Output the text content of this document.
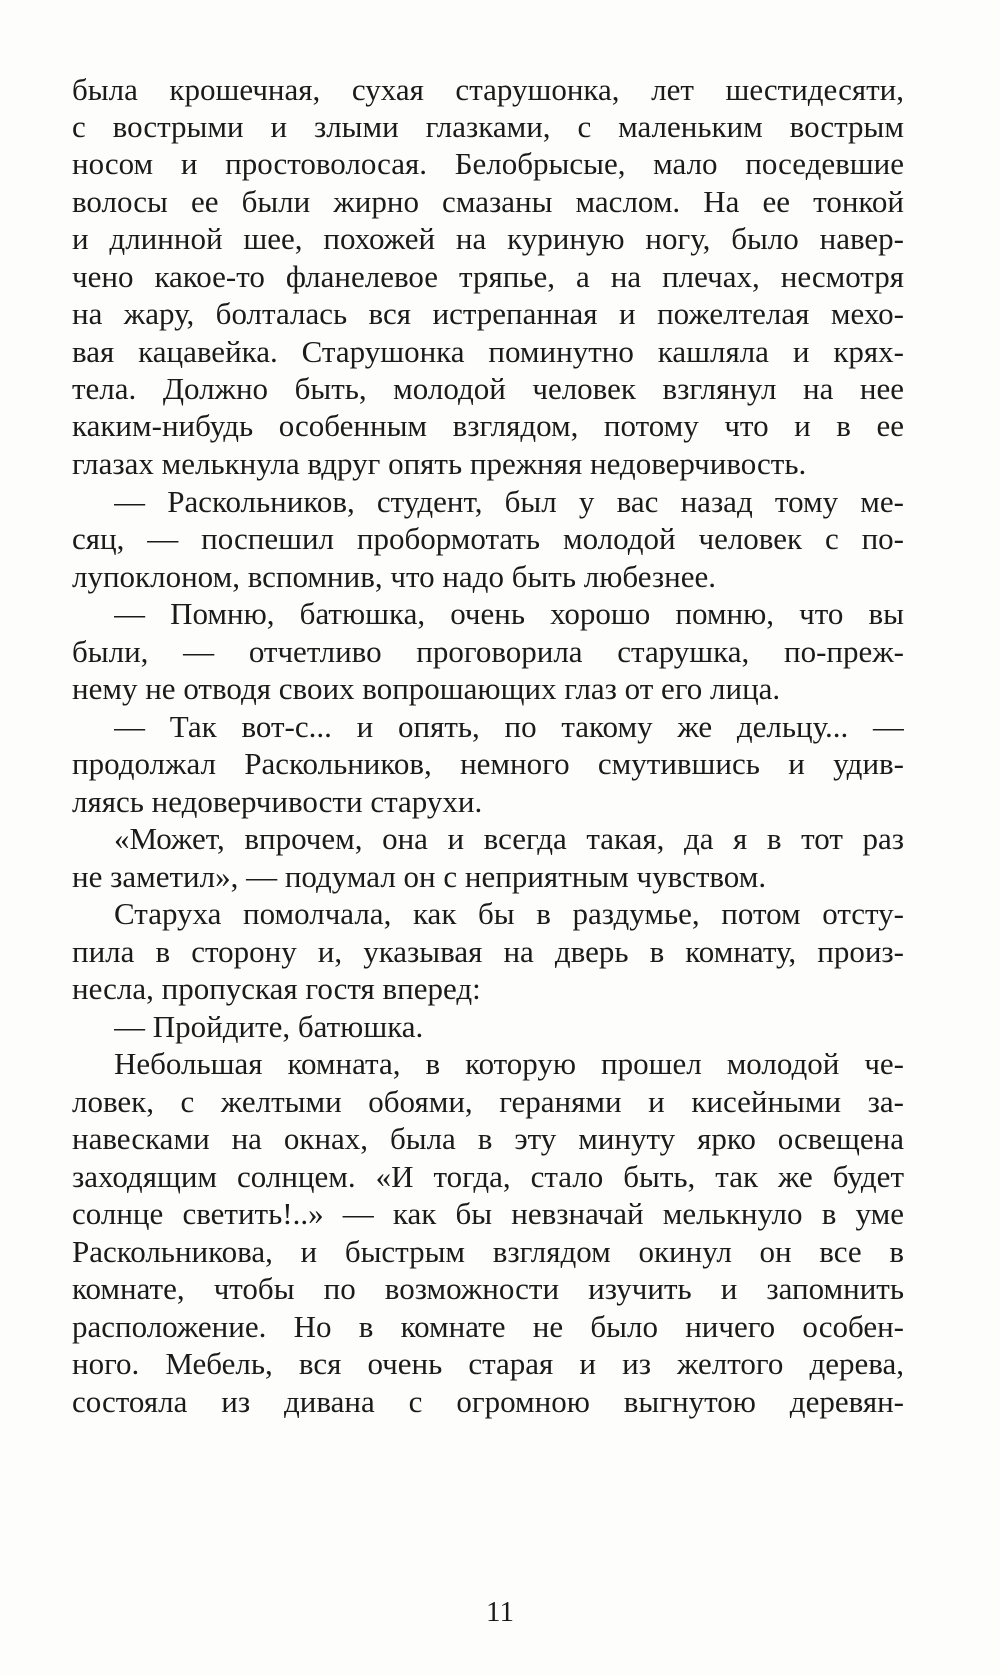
была крошечная, сухая старушонка, лет шестидесяти,
с вострыми и злыми глазками, с маленьким вострым
носом и простоволосая. Белобрысые, мало поседевшие
волосы ее были жирно смазаны маслом. На ее тонкой
и длинной шее, похожей на куриную ногу, было навер-
чено какое-то фланелевое тряпье, а на плечах, несмотря
на жару, болталась вся истрепанная и пожелтелая мехо-
вая кацавейка. Старушонка поминутно кашляла и крях-
тела. Должно быть, молодой человек взглянул на нее
каким-нибудь особенным взглядом, потому что и в ее
глазах мелькнула вдруг опять прежняя недоверчивость.
— Раскольников, студент, был у вас назад тому ме-
сяц, — поспешил пробормотать молодой человек с по-
лупоклоном, вспомнив, что надо быть любезнее.
— Помню, батюшка, очень хорошо помню, что вы
были, — отчетливо проговорила старушка, по-преж-
нему не отводя своих вопрошающих глаз от его лица.
— Так вот-с... и опять, по такому же дельцу... —
продолжал Раскольников, немного смутившись и удив-
ляясь недоверчивости старухи.
«Может, впрочем, она и всегда такая, да я в тот раз
не заметил», — подумал он с неприятным чувством.
Старуха помолчала, как бы в раздумье, потом отсту-
пила в сторону и, указывая на дверь в комнату, произ-
несла, пропуская гостя вперед:
— Пройдите, батюшка.
Небольшая комната, в которую прошел молодой че-
ловек, с желтыми обоями, геранями и кисейными за-
навесками на окнах, была в эту минуту ярко освещена
заходящим солнцем. «И тогда, стало быть, так же будет
солнце светить!..» — как бы невзначай мелькнуло в уме
Раскольникова, и быстрым взглядом окинул он все в
комнате, чтобы по возможности изучить и запомнить
расположение. Но в комнате не было ничего особен-
ного. Мебель, вся очень старая и из желтого дерева,
состояла из дивана с огромною выгнутою деревян-
11
